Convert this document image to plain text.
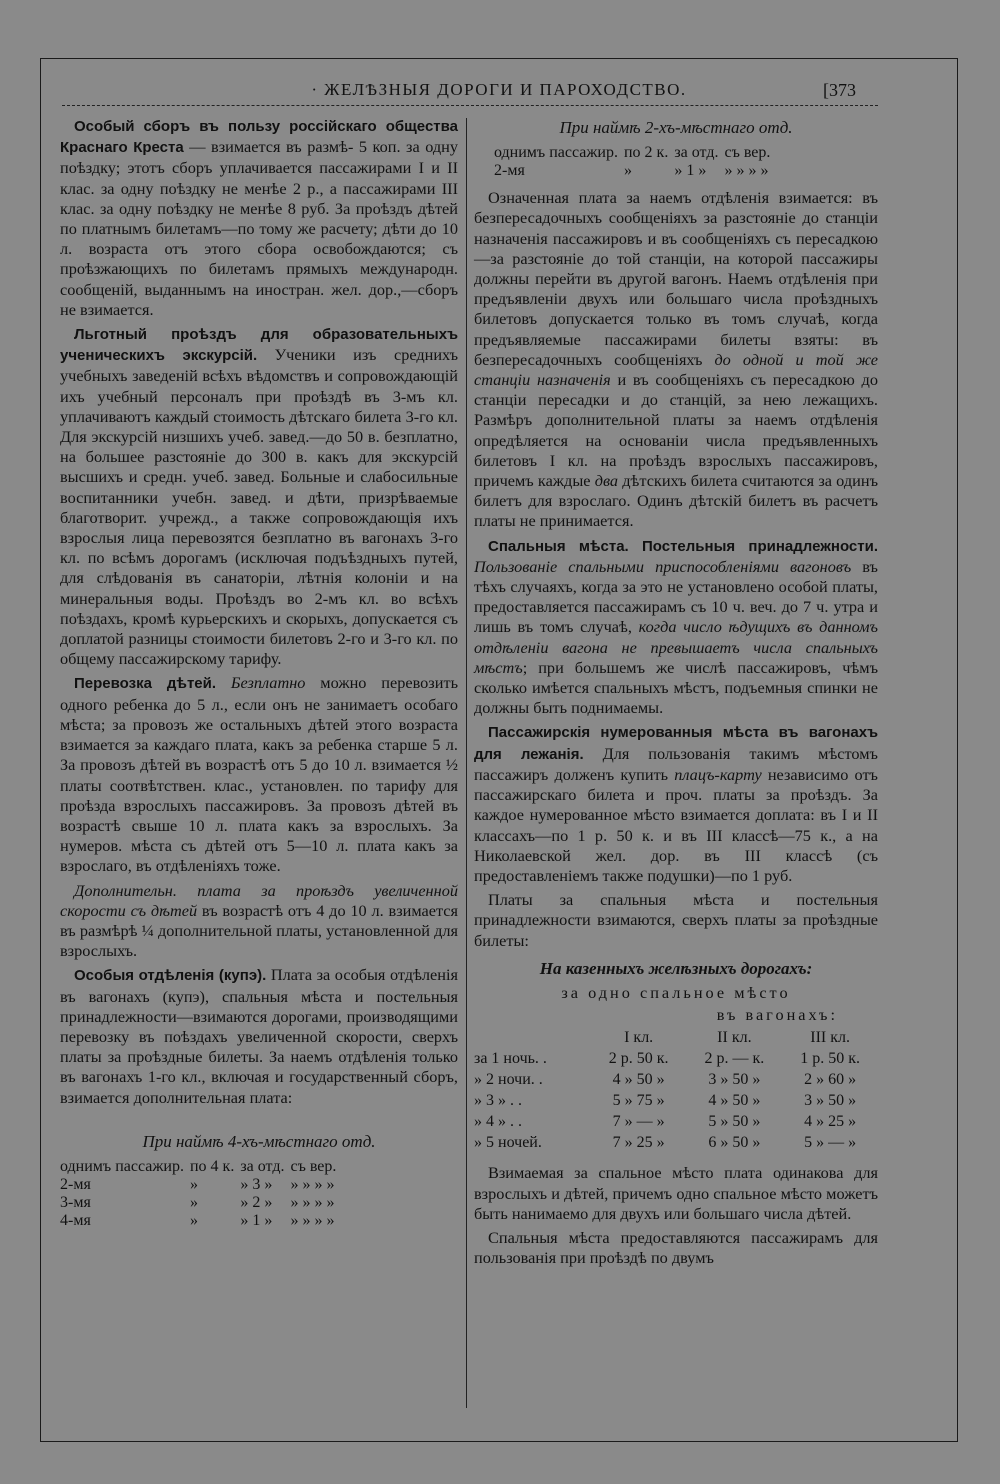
· ЖЕЛѢЗНЫЯ ДОРОГИ И ПАРОХОДСТВО.	[373

Особый сборъ въ пользу россійскаго общества Краснаго Креста — взимается въ размѣ- 5 коп. за одну поѣздку; этотъ сборъ уплачивается пассажирами I и II клас. за одну поѣздку не менѣе 2 р., а пассажирами III клас. за одну поѣздку не менѣе 8 руб. За проѣздъ дѣтей по платнымъ билетамъ—по тому же расчету; дѣти до 10 л. возраста отъ этого сбора освобождаются; съ проѣзжающихъ по билетамъ прямыхъ международн. сообщеній, выданнымъ на иностран. жел. дор.,—сборъ не взимается.

Льготный проѣздъ для образовательныхъ ученическихъ экскурсій. Ученики изъ среднихъ учебныхъ заведеній всѣхъ вѣдомствъ и сопровождающій ихъ учебный персоналъ при проѣздѣ въ 3-мъ кл. уплачиваютъ каждый стоимость дѣтскаго билета 3-го кл. Для экскурсій низшихъ учеб. завед.—до 50 в. безплатно, на большее разстояніе до 300 в. какъ для экскурсій высшихъ и средн. учеб. завед. Больные и слабосильные воспитанники учебн. завед. и дѣти, призрѣваемые благотворит. учрежд., а также сопровождающія ихъ взрослыя лица перевозятся безплатно въ вагонахъ 3-го кл. по всѣмъ дорогамъ (исключая подъѣздныхъ путей, для слѣдованія въ санаторіи, лѣтнія колоніи и на минеральныя воды. Проѣздъ во 2-мъ кл. во всѣхъ поѣздахъ, кромѣ курьерскихъ и скорыхъ, допускается съ доплатой разницы стоимости билетовъ 2-го и 3-го кл. по общему пассажирскому тарифу.

Перевозка дѣтей. Безплатно можно перевозить одного ребенка до 5 л., если онъ не занимаетъ особаго мѣста; за провозъ же остальныхъ дѣтей этого возраста взимается за каждаго плата, какъ за ребенка старше 5 л. За провозъ дѣтей въ возрастѣ отъ 5 до 10 л. взимается ½ платы соотвѣтствен. клас., установлен. по тарифу для проѣзда взрослыхъ пассажировъ. За провозъ дѣтей въ возрастѣ свыше 10 л. плата какъ за взрослыхъ. За нумеров. мѣста съ дѣтей отъ 5—10 л. плата какъ за взрослаго, въ отдѣленіяхъ тоже.

Дополнительн. плата за проѣздъ увеличенной скорости съ дѣтей въ возрастѣ отъ 4 до 10 л. взимается въ размѣрѣ ¼ дополнительной платы, установленной для взрослыхъ.

Особыя отдѣленія (купэ). Плата за особыя отдѣленія въ вагонахъ (купэ), спальныя мѣста и постельныя принадлежности—взимаются дорогами, производящими перевозку въ поѣздахъ увеличенной скорости, сверхъ платы за проѣздные билеты. За наемъ отдѣленія только въ вагонахъ 1-го кл., включая и государственный сборъ, взимается дополнительная плата:

При наймѣ 4-хъ-мѣстнаго отд.
однимъ пассажир.	по 4 к.	за отд.	съ вер.
2-мя	»	» 3 »	» » » »
3-мя	»	» 2 »	» » » »
4-мя	»	» 1 »	» » » »
При наймѣ 2-хъ-мѣстнаго отд.
однимъ пассажир.	по 2 к.	за отд.	съ вер.
2-мя	»	» 1 »	» » » »

Означенная плата за наемъ отдѣленія взимается: въ безпересадочныхъ сообщеніяхъ за разстояніе до станціи назначенія пассажировъ и въ сообщеніяхъ съ пересадкою—за разстояніе до той станціи, на которой пассажиры должны перейти въ другой вагонъ. Наемъ отдѣленія при предъявленіи двухъ или большаго числа проѣздныхъ билетовъ допускается только въ томъ случаѣ, когда предъявляемые пассажирами билеты взяты: въ безпересадочныхъ сообщеніяхъ до одной и той же станціи назначенія и въ сообщеніяхъ съ пересадкою до станціи пересадки и до станцій, за нею лежащихъ. Размѣръ дополнительной платы за наемъ отдѣленія опредѣляется на основаніи числа предъявленныхъ билетовъ I кл. на проѣздъ взрослыхъ пассажировъ, причемъ каждые два дѣтскихъ билета считаются за одинъ билетъ для взрослаго. Одинъ дѣтскій билетъ въ расчетъ платы не принимается.

Спальныя мѣста. Постельныя принадлежности. Пользованіе спальными приспособленіями вагоновъ въ тѣхъ случаяхъ, когда за это не установлено особой платы, предоставляется пассажирамъ съ 10 ч. веч. до 7 ч. утра и лишь въ томъ случаѣ, когда число ѣдущихъ въ данномъ отдѣленіи вагона не превышаетъ числа спальныхъ мѣстъ; при большемъ же числѣ пассажировъ, чѣмъ сколько имѣется спальныхъ мѣстъ, подъемныя спинки не должны быть поднимаемы.

Пассажирскія нумерованныя мѣста въ вагонахъ для лежанія. Для пользованія такимъ мѣстомъ пассажиръ долженъ купить плацъ-карту независимо отъ пассажирскаго билета и проч. платы за проѣздъ. За каждое нумерованное мѣсто взимается доплата: въ I и II классахъ—по 1 р. 50 к. и въ III классѣ—75 к., а на Николаевской жел. дор. въ III классѣ (съ предоставленіемъ также подушки)—по 1 руб.

Платы за спальныя мѣста и постельныя принадлежности взимаются, сверхъ платы за проѣздные билеты:

На казенныхъ желѣзныхъ дорогахъ:
за одно спальное мѣсто
въ вагонахъ:
	I кл.	II кл.	III кл.
за 1 ночь. .	2 р. 50 к.	2 р. — к.	1 р. 50 к.
» 2 ночи. .	4 » 50 »	3 » 50 »	2 » 60 »
» 3 » . .	5 » 75 »	4 » 50 »	3 » 50 »
» 4 » . .	7 » — »	5 » 50 »	4 » 25 »
» 5 ночей.	7 » 25 »	6 » 50 »	5 » — »

Взимаемая за спальное мѣсто плата одинакова для взрослыхъ и дѣтей, причемъ одно спальное мѣсто можетъ быть нанимаемо для двухъ или большаго числа дѣтей.

Спальныя мѣста предоставляются пассажирамъ для пользованія при проѣздѣ по двумъ
